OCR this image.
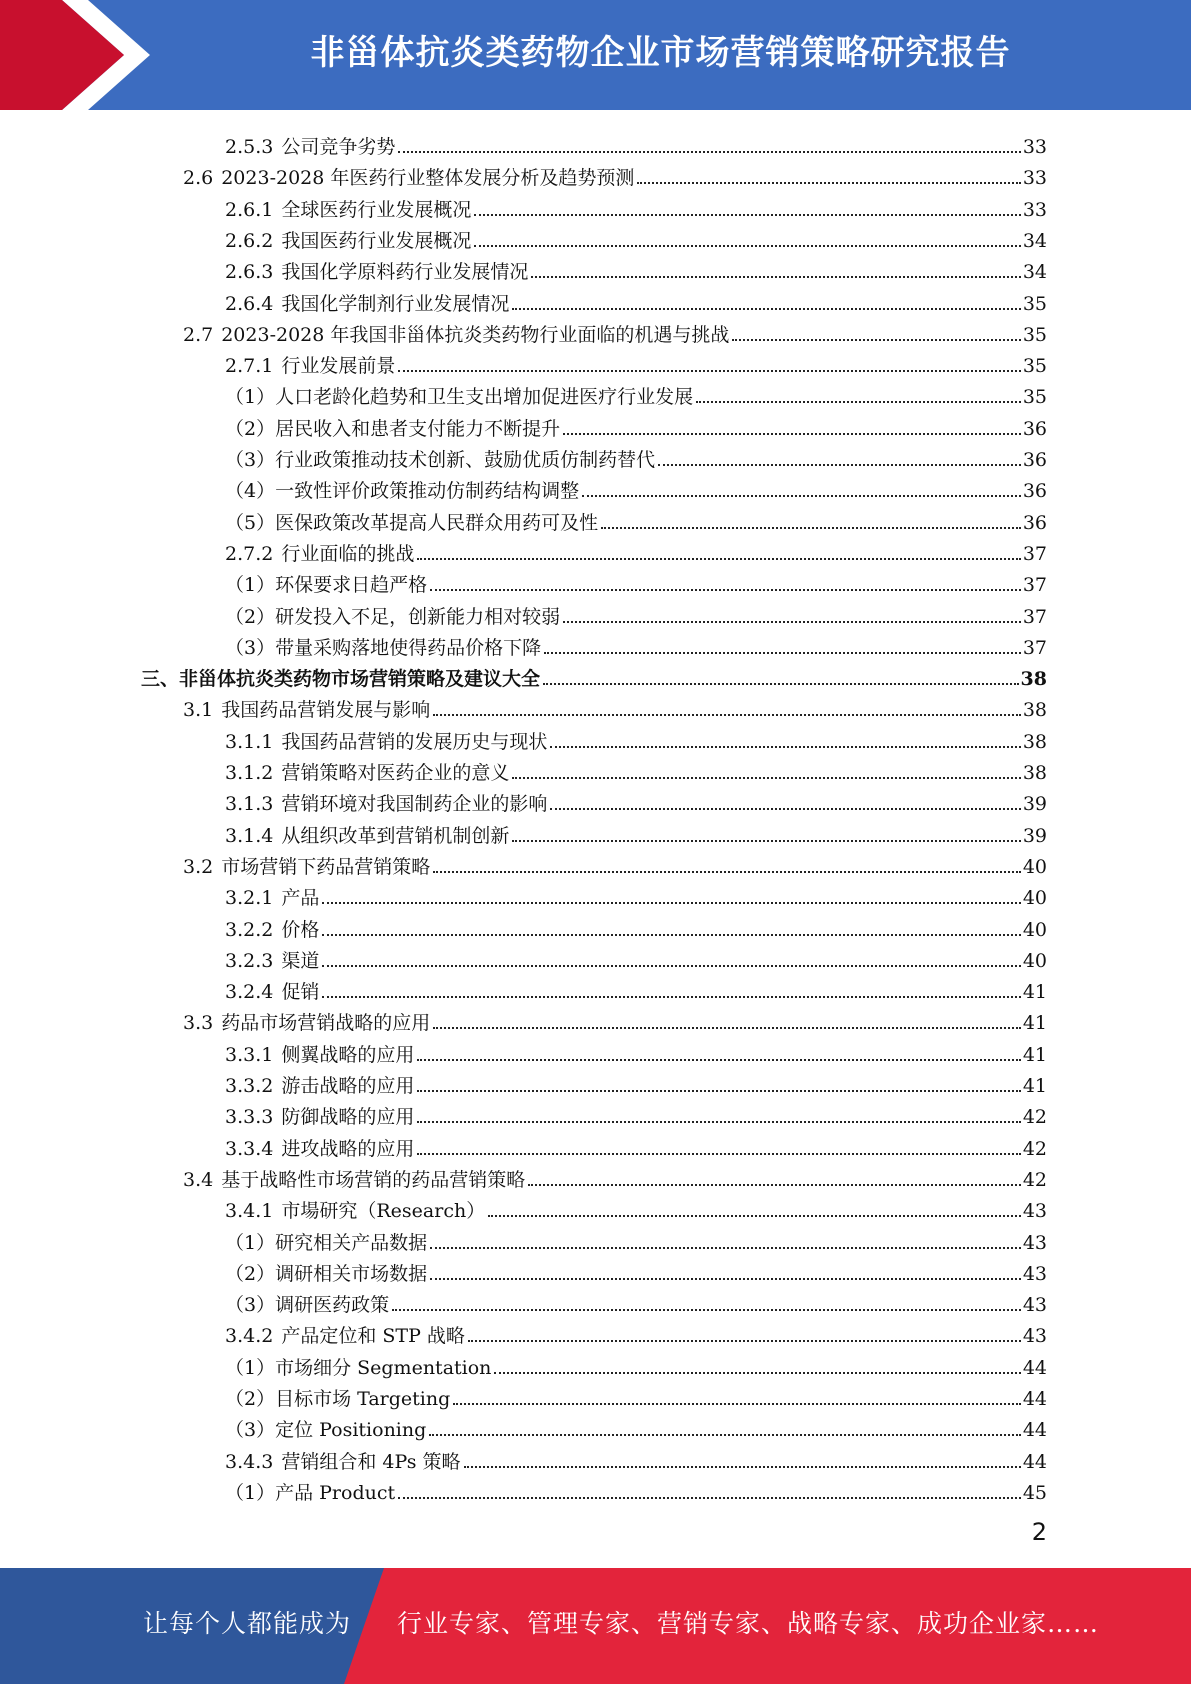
非甾体抗炎类药物企业市场营销策略研究报告
2.5.3 公司竞争劣势	33
2.6 2023-2028 年医药行业整体发展分析及趋势预测	33
2.6.1 全球医药行业发展概况	33
2.6.2 我国医药行业发展概况	34
2.6.3 我国化学原料药行业发展情况	34
2.6.4 我国化学制剂行业发展情况	35
2.7 2023-2028 年我国非甾体抗炎类药物行业面临的机遇与挑战	35
2.7.1 行业发展前景	35
（1） 人口老龄化趋势和卫生支出增加促进医疗行业发展	35
（2） 居民收入和患者支付能力不断提升	36
（3） 行业政策推动技术创新、鼓励优质仿制药替代	36
（4） 一致性评价政策推动仿制药结构调整	36
（5） 医保政策改革提高人民群众用药可及性	36
2.7.2 行业面临的挑战	37
（1） 环保要求日趋严格	37
（2） 研发投入不足，创新能力相对较弱	37
（3） 带量采购落地使得药品价格下降	37
三、 非甾体抗炎类药物市场营销策略及建议大全	38
3.1 我国药品营销发展与影响	38
3.1.1 我国药品营销的发展历史与现状	38
3.1.2 营销策略对医药企业的意义	38
3.1.3 营销环境对我国制药企业的影响	39
3.1.4 从组织改革到营销机制创新	39
3.2 市场营销下药品营销策略	40
3.2.1 产品	40
3.2.2 价格	40
3.2.3 渠道	40
3.2.4 促销	41
3.3 药品市场营销战略的应用	41
3.3.1 侧翼战略的应用	41
3.3.2 游击战略的应用	41
3.3.3 防御战略的应用	42
3.3.4 进攻战略的应用	42
3.4 基于战略性市场营销的药品营销策略	42
3.4.1 市場研究（Research）	43
（1） 研究相关产品数据	43
（2） 调研相关市场数据	43
（3） 调研医药政策	43
3.4.2 产品定位和 STP 战略	43
（1） 市场细分 Segmentation	44
（2） 目标市场 Targeting	44
（3） 定位 Positioning	44
3.4.3 营销组合和 4Ps 策略	44
（1） 产品 Product	45
2
让每个人都能成为 行业专家、管理专家、营销专家、战略专家、成功企业家……
